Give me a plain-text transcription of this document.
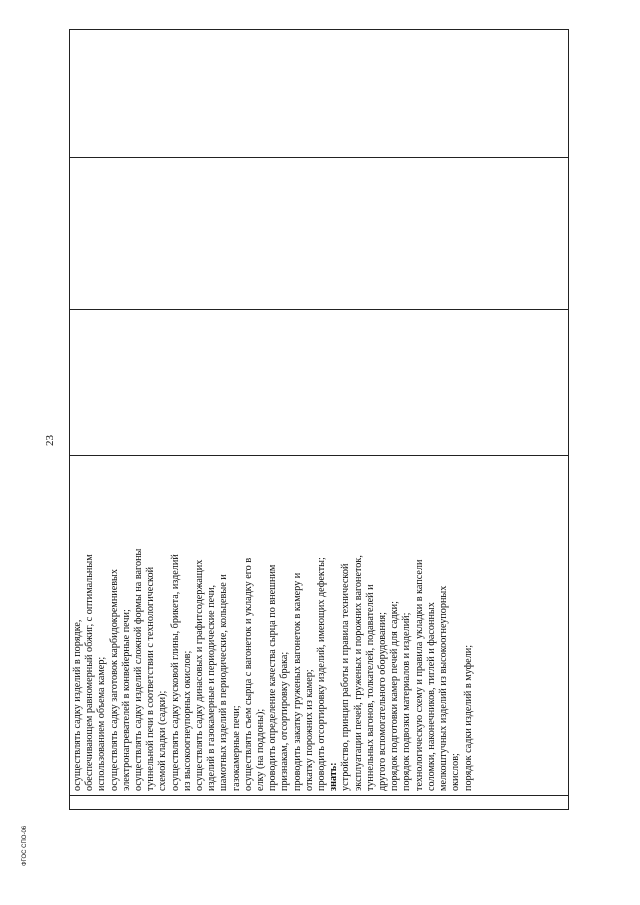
23

осуществлять садку изделий в порядке, обеспечивающем равномерный обжиг, с оптимальным использованием объема камер; осуществлять садку заготовок карбидокремниевых электронагревателей в конвейерные печи; осуществлять садку изделий сложной формы на вагоны туннельной печи в соответствии с технологической схемой кладки (садки); осуществлять садку кусковой глины, брикета, изделий из высокоогнеупорных окислов; осуществлять садку динасовых и графитсодержащих изделий в газокамерные и периодические печи, шамотных изделий в периодические, кольцевые и газокамерные печи; осуществлять съем сырца с вагонеток и укладку его в елку (на поддоны); проводить определение качества сырца по внешним признакам, отсортировку брака; проводить закатку груженых вагонеток в камеру и откатку порожних из камер; проводить отсортировку изделий, имеющих дефекты; знать: устройство, принцип работы и правила технической эксплуатации печей, груженых и порожних вагонеток, туннельных вагонов, толкателей, подавателей и другого вспомогательного оборудования; порядок подготовки камер печей для садки; порядок подвозки материалов и изделий; технологическую схему и правила укладки в капсели соломки, наконечников, тиглей и фасонных мелкоштучных изделий из высокоогнеупорных окислов; порядок садки изделий в муфели;

ФГОС СПО-06
